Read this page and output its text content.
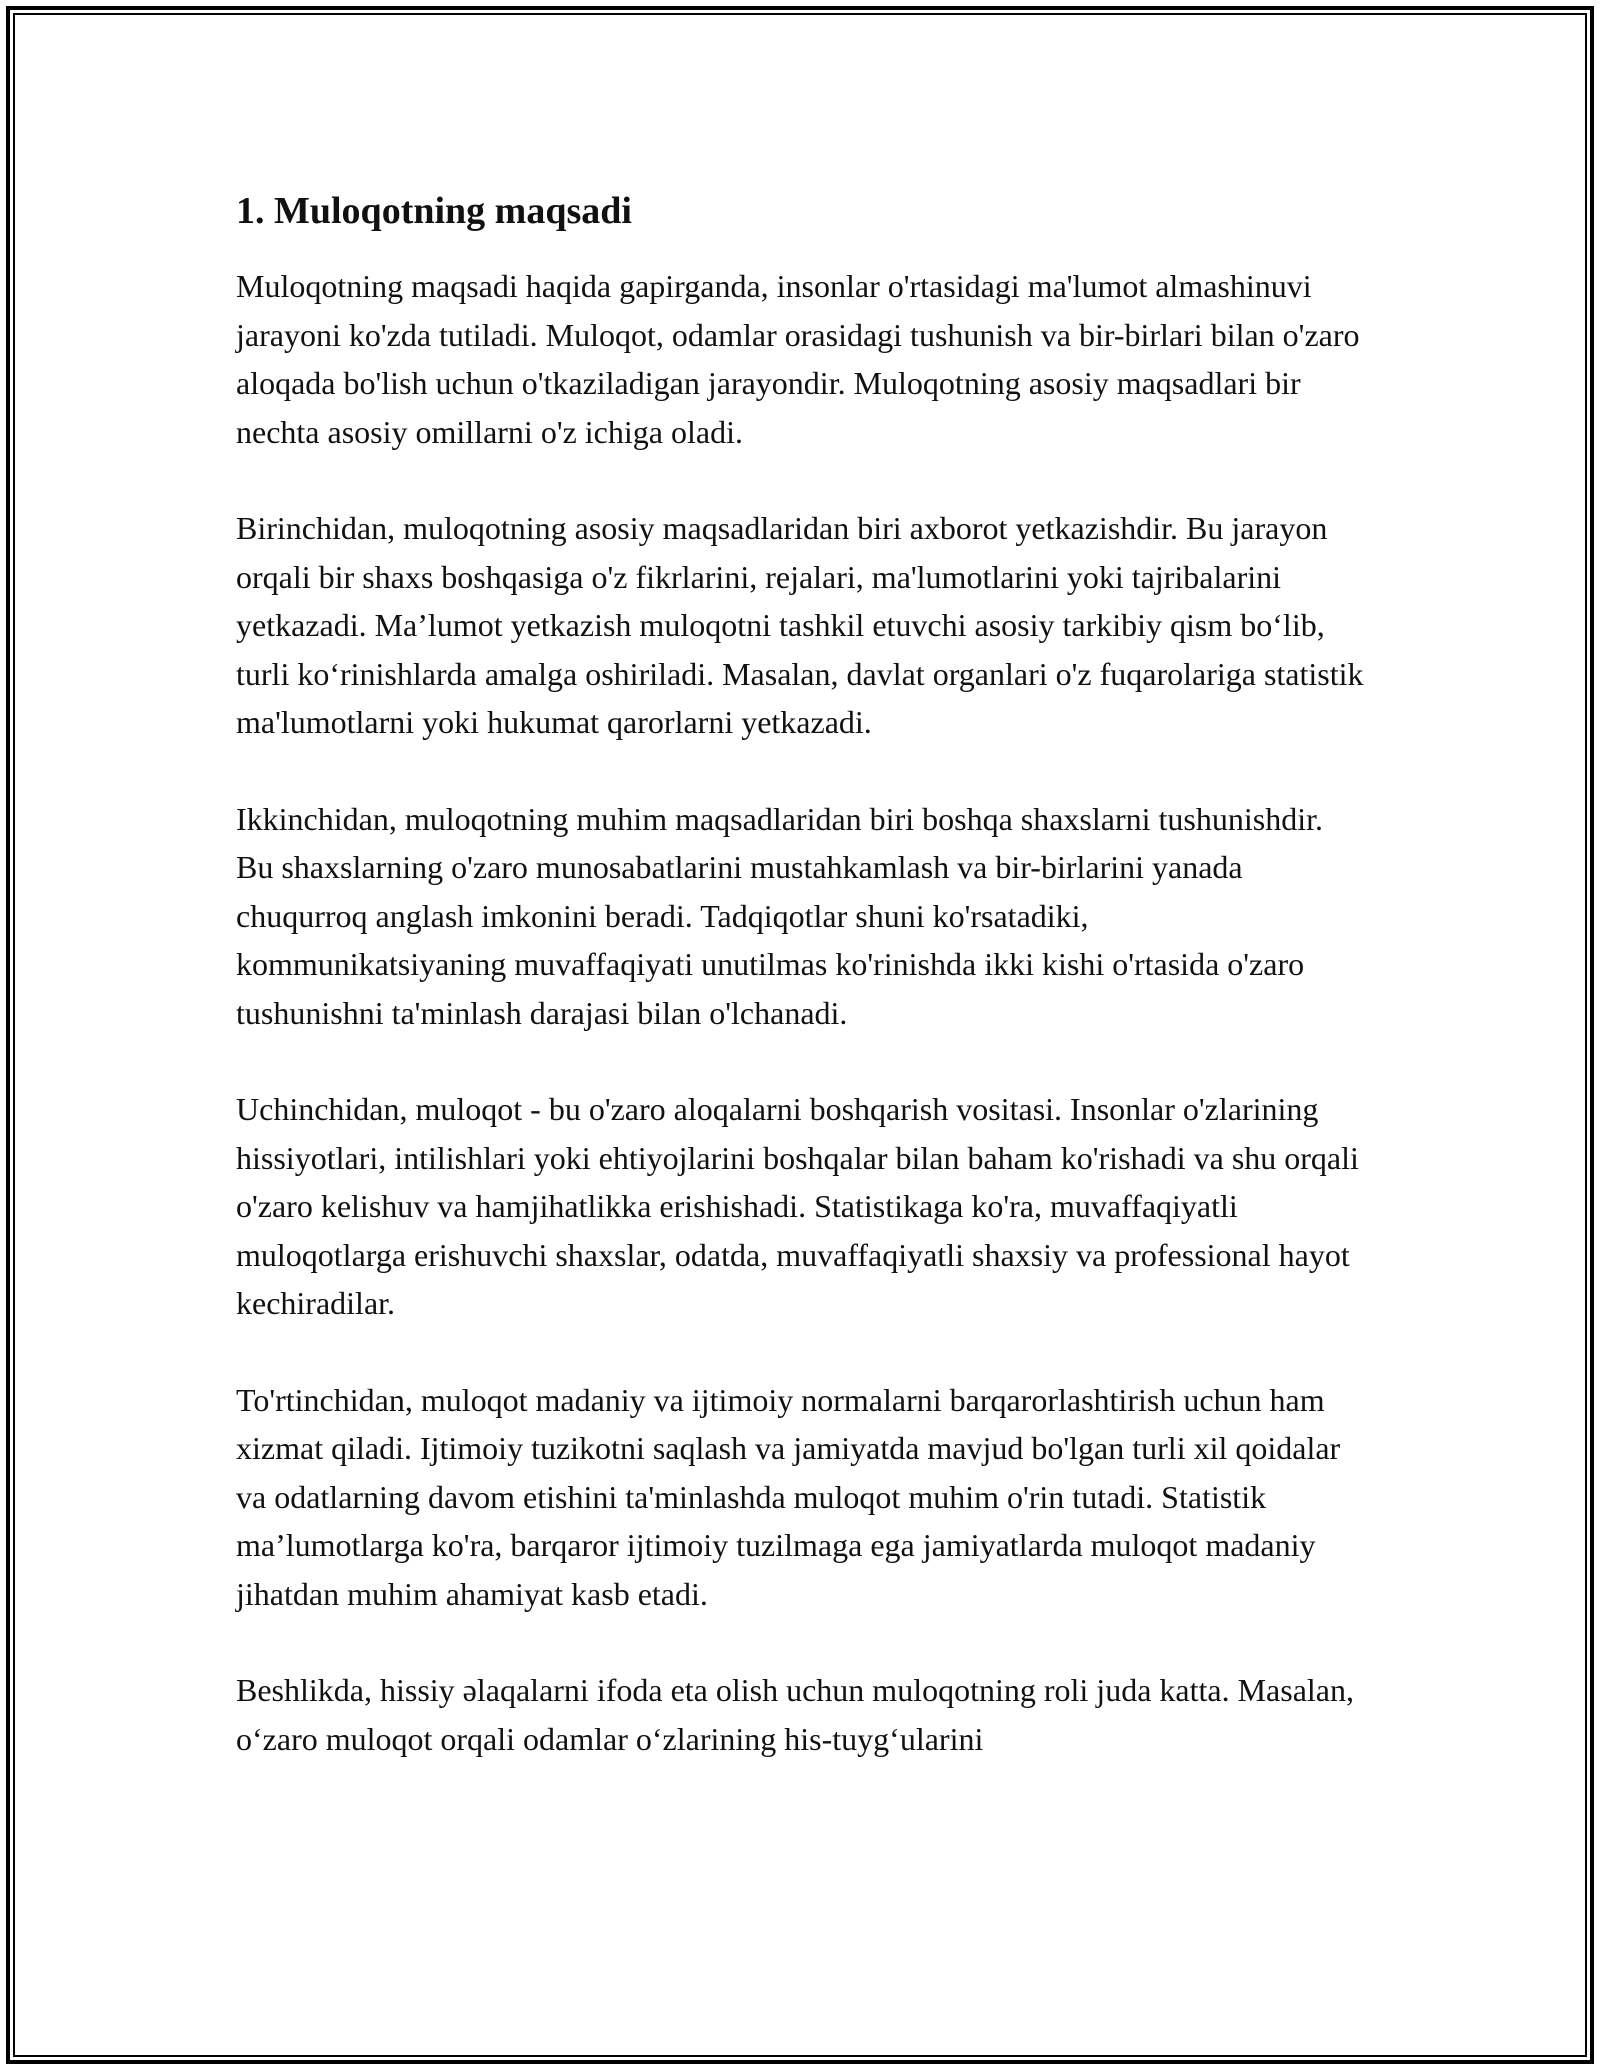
1. Muloqotning maqsadi

Muloqotning maqsadi haqida gapirganda, insonlar o'rtasidagi ma'lumot almashinuvi jarayoni ko'zda tutiladi. Muloqot, odamlar orasidagi tushunish va bir-birlari bilan o'zaro aloqada bo'lish uchun o'tkaziladigan jarayondir. Muloqotning asosiy maqsadlari bir nechta asosiy omillarni o'z ichiga oladi.

Birinchidan, muloqotning asosiy maqsadlaridan biri axborot yetkazishdir. Bu jarayon orqali bir shaxs boshqasiga o'z fikrlarini, rejalari, ma'lumotlarini yoki tajribalarini yetkazadi. Ma’lumot yetkazish muloqotni tashkil etuvchi asosiy tarkibiy qism bo‘lib, turli ko‘rinishlarda amalga oshiriladi. Masalan, davlat organlari o'z fuqarolariga statistik ma'lumotlarni yoki hukumat qarorlarni yetkazadi.

Ikkinchidan, muloqotning muhim maqsadlaridan biri boshqa shaxslarni tushunishdir. Bu shaxslarning o'zaro munosabatlarini mustahkamlash va bir-birlarini yanada chuqurroq anglash imkonini beradi. Tadqiqotlar shuni ko'rsatadiki, kommunikatsiyaning muvaffaqiyati unutilmas ko'rinishda ikki kishi o'rtasida o'zaro tushunishni ta'minlash darajasi bilan o'lchanadi.

Uchinchidan, muloqot - bu o'zaro aloqalarni boshqarish vositasi. Insonlar o'zlarining hissiyotlari, intilishlari yoki ehtiyojlarini boshqalar bilan baham ko'rishadi va shu orqali o'zaro kelishuv va hamjihatlikka erishishadi. Statistikaga ko'ra, muvaffaqiyatli muloqotlarga erishuvchi shaxslar, odatda, muvaffaqiyatli shaxsiy va professional hayot kechiradilar.

To'rtinchidan, muloqot madaniy va ijtimoiy normalarni barqarorlashtirish uchun ham xizmat qiladi. Ijtimoiy tuzikotni saqlash va jamiyatda mavjud bo'lgan turli xil qoidalar va odatlarning davom etishini ta'minlashda muloqot muhim o'rin tutadi. Statistik ma’lumotlarga ko'ra, barqaror ijtimoiy tuzilmaga ega jamiyatlarda muloqot madaniy jihatdan muhim ahamiyat kasb etadi.

Beshlikda, hissiy əlaqalarni ifoda eta olish uchun muloqotning roli juda katta. Masalan, o‘zaro muloqot orqali odamlar o‘zlarining his-tuyg‘ularini
